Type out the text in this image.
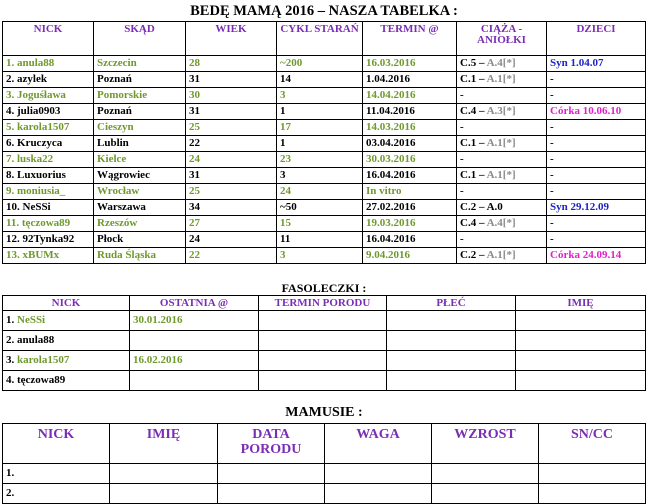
BEDĘ MAMĄ 2016 – NASZA TABELKA :
NICK	SKĄD	WIEK	CYKL STARAŃ	TERMIN @	CIĄŻA - ANIOŁKI	DZIECI
1. anula88	Szczecin	28	~200	16.03.2016	C.5 – A.4[*]	Syn 1.04.07
2. azylek	Poznań	31	14	1.04.2016	C.1 – A.1[*]	-
3. Joguśława	Pomorskie	30	3	14.04.2016	-	-
4. julia0903	Poznań	31	1	11.04.2016	C.4 – A.3[*]	Córka 10.06.10
5. karola1507	Cieszyn	25	17	14.03.2016	-	-
6. Kruczyca	Lublin	22	1	03.04.2016	C.1 – A.1[*]	-
7. luska22	Kielce	24	23	30.03.2016	-	-
8. Luxuorius	Wągrowiec	31	3	16.04.2016	C.1 – A.1[*]	-
9. moniusia_	Wrocław	25	24	In vitro	-	-
10. NeSSi	Warszawa	34	~50	27.02.2016	C.2 – A.0	Syn 29.12.09
11. tęczowa89	Rzeszów	27	15	19.03.2016	C.4 – A.4[*]	-
12. 92Tynka92	Płock	24	11	16.04.2016	-	-
13. xBUMx	Ruda Śląska	22	3	9.04.2016	C.2 – A.1[*]	Córka 24.09.14
FASOLECZKI :
NICK	OSTATNIA @	TERMIN PORODU	PŁEĆ	IMIĘ
1. NeSSi	30.01.2016			
2. anula88				
3. karola1507	16.02.2016			
4. tęczowa89				
MAMUSIE :
NICK	IMIĘ	DATA PORODU	WAGA	WZROST	SN/CC
1.					
2.					
